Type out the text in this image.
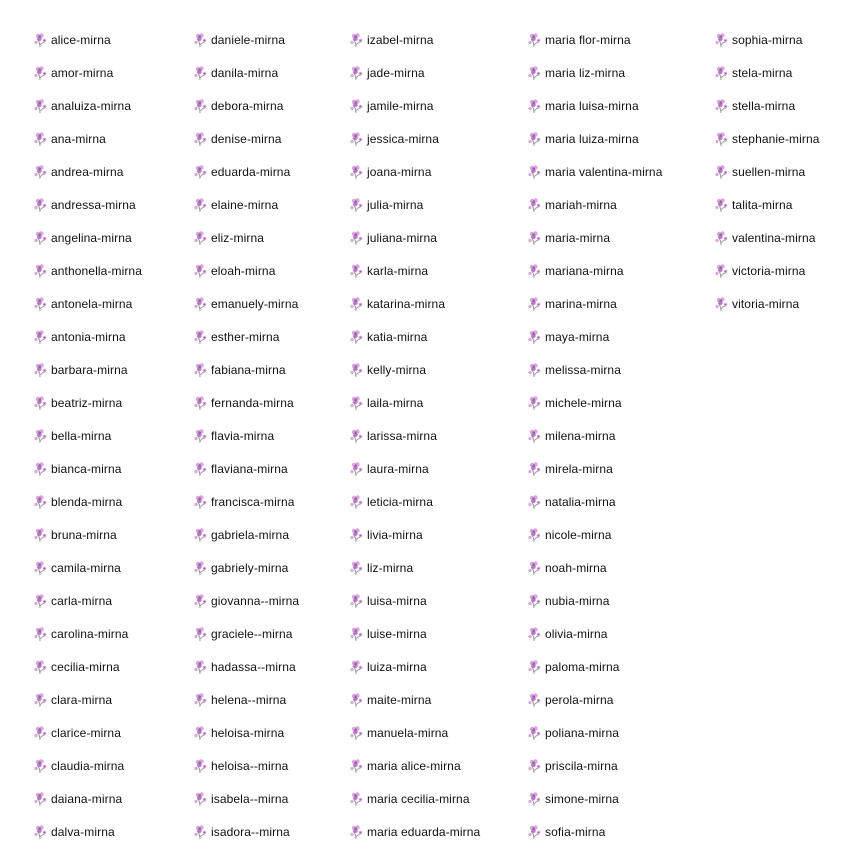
alice-mirna
amor-mirna
analuiza-mirna
ana-mirna
andrea-mirna
andressa-mirna
angelina-mirna
anthonella-mirna
antonela-mirna
antonia-mirna
barbara-mirna
beatriz-mirna
bella-mirna
bianca-mirna
blenda-mirna
bruna-mirna
camila-mirna
carla-mirna
carolina-mirna
cecilia-mirna
clara-mirna
clarice-mirna
claudia-mirna
daiana-mirna
dalva-mirna
daniele-mirna
danila-mirna
debora-mirna
denise-mirna
eduarda-mirna
elaine-mirna
eliz-mirna
eloah-mirna
emanuely-mirna
esther-mirna
fabiana-mirna
fernanda-mirna
flavia-mirna
flaviana-mirna
francisca-mirna
gabriela-mirna
gabriely-mirna
giovanna--mirna
graciele--mirna
hadassa--mirna
helena--mirna
heloisa-mirna
heloisa--mirna
isabela--mirna
isadora--mirna
izabel-mirna
jade-mirna
jamile-mirna
jessica-mirna
joana-mirna
julia-mirna
juliana-mirna
karla-mirna
katarina-mirna
katia-mirna
kelly-mirna
laila-mirna
larissa-mirna
laura-mirna
leticia-mirna
livia-mirna
liz-mirna
luisa-mirna
luise-mirna
luiza-mirna
maite-mirna
manuela-mirna
maria alice-mirna
maria cecilia-mirna
maria eduarda-mirna
maria flor-mirna
maria liz-mirna
maria luisa-mirna
maria luiza-mirna
maria valentina-mirna
mariah-mirna
maria-mirna
mariana-mirna
marina-mirna
maya-mirna
melissa-mirna
michele-mirna
milena-mirna
mirela-mirna
natalia-mirna
nicole-mirna
noah-mirna
nubia-mirna
olivia-mirna
paloma-mirna
perola-mirna
poliana-mirna
priscila-mirna
simone-mirna
sofia-mirna
sophia-mirna
stela-mirna
stella-mirna
stephanie-mirna
suellen-mirna
talita-mirna
valentina-mirna
victoria-mirna
vitoria-mirna
